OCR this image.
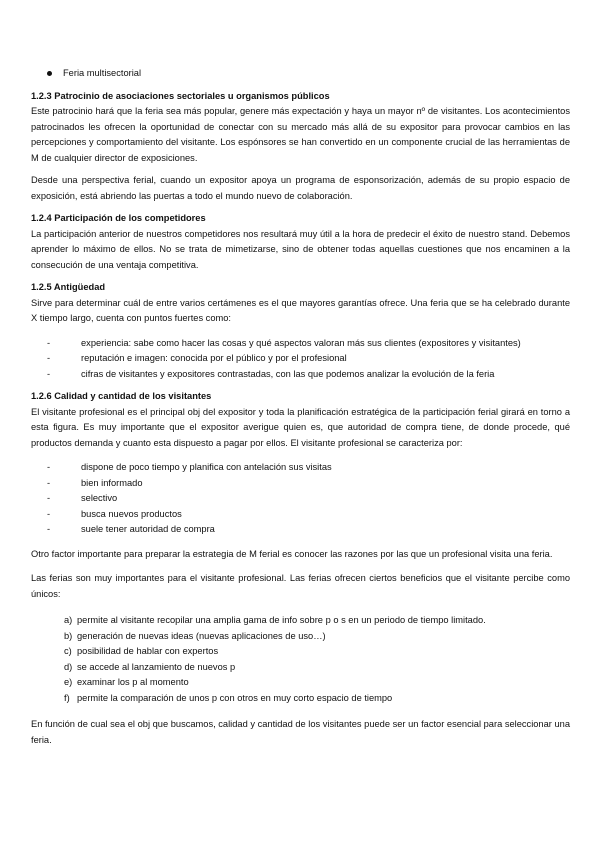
Feria multisectorial
1.2.3 Patrocinio de asociaciones sectoriales u organismos públicos

Este patrocinio hará que la feria sea más popular, genere más expectación y haya un mayor nº de visitantes. Los acontecimientos patrocinados les ofrecen la oportunidad de conectar con su mercado más allá de su expositor para provocar cambios en las percepciones y comportamiento del visitante. Los espónsores se han convertido en un componente crucial de las herramientas de M de cualquier director de exposiciones.

Desde una perspectiva ferial, cuando un expositor apoya un programa de esponsorización, además de su propio espacio de exposición, está abriendo las puertas a todo el mundo nuevo de colaboración.

1.2.4 Participación de los competidores

La participación anterior de nuestros competidores nos resultará muy útil a la hora de predecir el éxito de nuestro stand. Debemos aprender lo máximo de ellos. No se trata de mimetizarse, sino de obtener todas aquellas cuestiones que nos encaminen a la consecución de una ventaja competitiva.

1.2.5 Antigüedad

Sirve para determinar cuál de entre varios certámenes es el que mayores garantías ofrece. Una feria que se ha celebrado durante X tiempo largo, cuenta con puntos fuertes como:

-	experiencia: sabe como hacer las cosas y qué aspectos valoran más sus clientes (expositores y visitantes)
-	reputación e imagen: conocida por el público y por el profesional
-	cifras de visitantes y expositores contrastadas, con las que podemos analizar la evolución de la feria
1.2.6 Calidad y cantidad de los visitantes

El visitante profesional es el principal obj del expositor y toda la planificación estratégica de la participación ferial girará en torno a esta figura. Es muy importante que el expositor averigue quien es, que autoridad de compra tiene, de donde procede, qué productos demanda y cuanto esta dispuesto a pagar por ellos. El visitante profesional se caracteriza por:

-	dispone de poco tiempo y planifica con antelación sus visitas
-	bien informado
-	selectivo
-	busca nuevos productos
-	suele tener autoridad de compra

Otro factor importante para preparar la estrategia de M ferial es conocer las razones por las que un profesional visita una feria.

Las ferias son muy importantes para el visitante profesional. Las ferias ofrecen ciertos beneficios que el visitante percibe como únicos:

a) permite al visitante recopilar una amplia gama de info sobre p o s en un periodo de tiempo limitado.
b) generación de nuevas ideas (nuevas aplicaciones de uso…)
c) posibilidad de hablar con expertos
d) se accede al lanzamiento de nuevos p
e) examinar los p al momento
f) permite la comparación de unos p con otros en muy corto espacio de tiempo

En función de cual sea el obj que buscamos, calidad y cantidad de los visitantes puede ser un factor esencial para seleccionar una feria.
